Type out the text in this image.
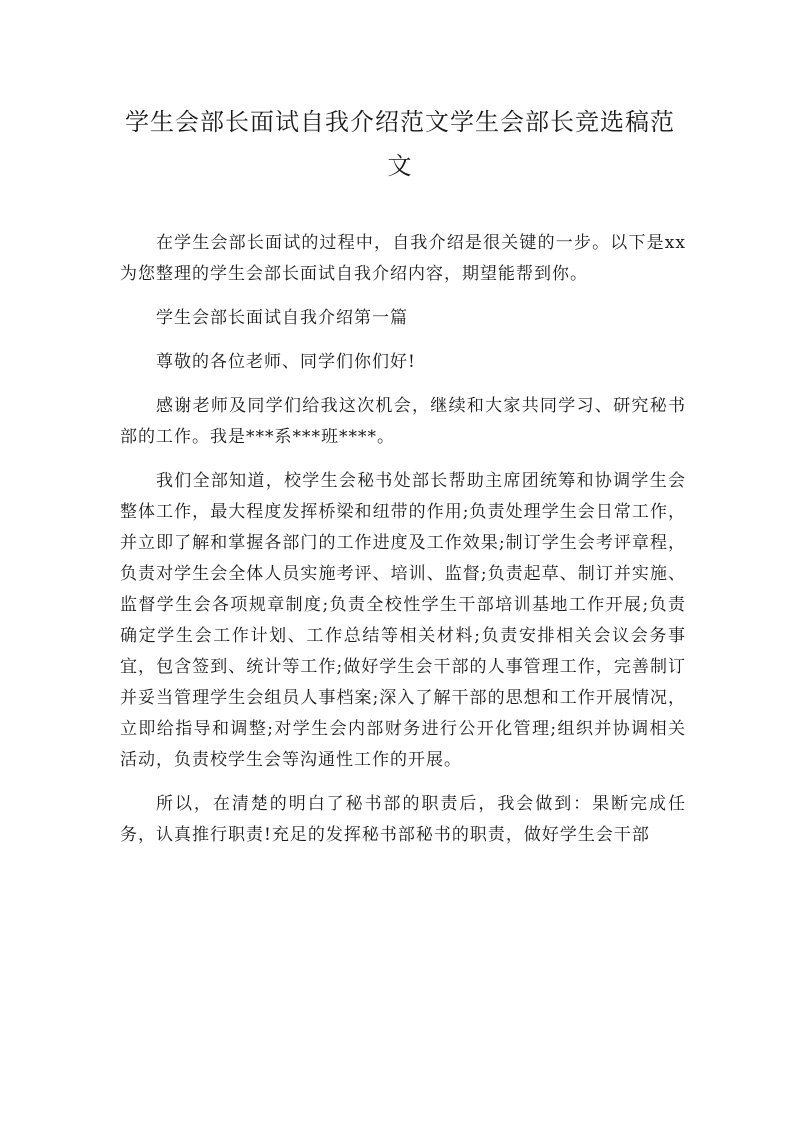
学生会部长面试自我介绍范文学生会部长竞选稿范文

在学生会部长面试的过程中，自我介绍是很关键的一步。以下是xx为您整理的学生会部长面试自我介绍内容，期望能帮到你。

学生会部长面试自我介绍第一篇

尊敬的各位老师、同学们你们好!

感谢老师及同学们给我这次机会，继续和大家共同学习、研究秘书部的工作。我是***系***班****。

我们全部知道，校学生会秘书处部长帮助主席团统筹和协调学生会整体工作，最大程度发挥桥梁和纽带的作用;负责处理学生会日常工作，并立即了解和掌握各部门的工作进度及工作效果;制订学生会考评章程，负责对学生会全体人员实施考评、培训、监督;负责起草、制订并实施、监督学生会各项规章制度;负责全校性学生干部培训基地工作开展;负责确定学生会工作计划、工作总结等相关材料;负责安排相关会议会务事宜，包含签到、统计等工作;做好学生会干部的人事管理工作，完善制订并妥当管理学生会组员人事档案;深入了解干部的思想和工作开展情况，立即给指导和调整;对学生会内部财务进行公开化管理;组织并协调相关活动，负责校学生会等沟通性工作的开展。

所以，在清楚的明白了秘书部的职责后，我会做到：果断完成任务，认真推行职责!充足的发挥秘书部秘书的职责，做好学生会干部
